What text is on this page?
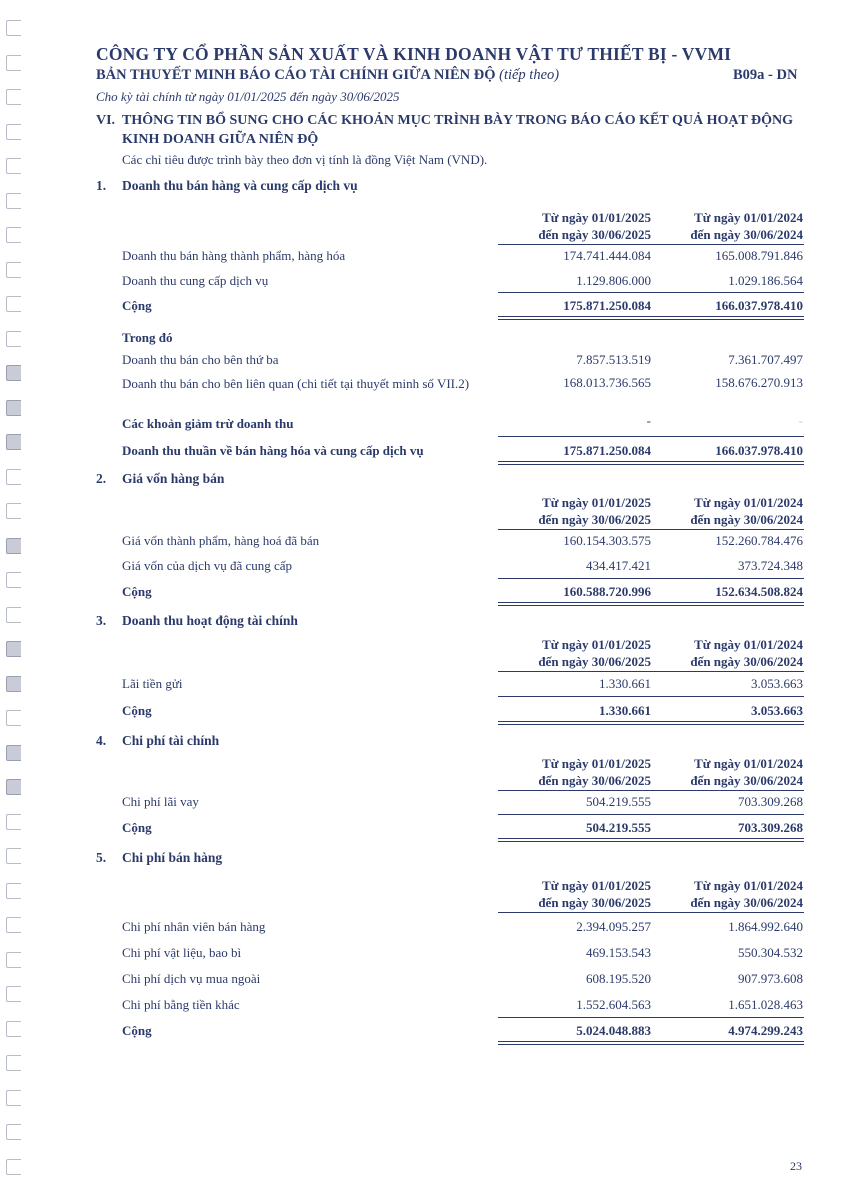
CÔNG TY CỔ PHẦN SẢN XUẤT VÀ KINH DOANH VẬT TƯ THIẾT BỊ - VVMI
BẢN THUYẾT MINH BÁO CÁO TÀI CHÍNH GIỮA NIÊN ĐỘ (tiếp theo)	B09a - DN
Cho kỳ tài chính từ ngày 01/01/2025 đến ngày 30/06/2025
VI. THÔNG TIN BỔ SUNG CHO CÁC KHOẢN MỤC TRÌNH BÀY TRONG BÁO CÁO KẾT QUẢ HOẠT ĐỘNG KINH DOANH GIỮA NIÊN ĐỘ
Các chỉ tiêu được trình bày theo đơn vị tính là đồng Việt Nam (VND).
1. Doanh thu bán hàng và cung cấp dịch vụ
Từ ngày 01/01/2025
đến ngày 30/06/2025
Từ ngày 01/01/2024
đến ngày 30/06/2024
Doanh thu bán hàng thành phẩm, hàng hóa	174.741.444.084	165.008.791.846
Doanh thu cung cấp dịch vụ	1.129.806.000	1.029.186.564
Cộng	175.871.250.084	166.037.978.410
Trong đó
Doanh thu bán cho bên thứ ba	7.857.513.519	7.361.707.497
Doanh thu bán cho bên liên quan (chi tiết tại thuyết minh số VII.2)	168.013.736.565	158.676.270.913
Các khoản giảm trừ doanh thu	-	-
Doanh thu thuần về bán hàng hóa và cung cấp dịch vụ	175.871.250.084	166.037.978.410
2. Giá vốn hàng bán
Từ ngày 01/01/2025
đến ngày 30/06/2025
Từ ngày 01/01/2024
đến ngày 30/06/2024
Giá vốn thành phẩm, hàng hoá đã bán	160.154.303.575	152.260.784.476
Giá vốn của dịch vụ đã cung cấp	434.417.421	373.724.348
Cộng	160.588.720.996	152.634.508.824
3. Doanh thu hoạt động tài chính
Từ ngày 01/01/2025
đến ngày 30/06/2025
Từ ngày 01/01/2024
đến ngày 30/06/2024
Lãi tiền gửi	1.330.661	3.053.663
Cộng	1.330.661	3.053.663
4. Chi phí tài chính
Từ ngày 01/01/2025
đến ngày 30/06/2025
Từ ngày 01/01/2024
đến ngày 30/06/2024
Chi phí lãi vay	504.219.555	703.309.268
Cộng	504.219.555	703.309.268
5. Chi phí bán hàng
Từ ngày 01/01/2025
đến ngày 30/06/2025
Từ ngày 01/01/2024
đến ngày 30/06/2024
Chi phí nhân viên bán hàng	2.394.095.257	1.864.992.640
Chi phí vật liệu, bao bì	469.153.543	550.304.532
Chi phí dịch vụ mua ngoài	608.195.520	907.973.608
Chi phí bằng tiền khác	1.552.604.563	1.651.028.463
Cộng	5.024.048.883	4.974.299.243
23
